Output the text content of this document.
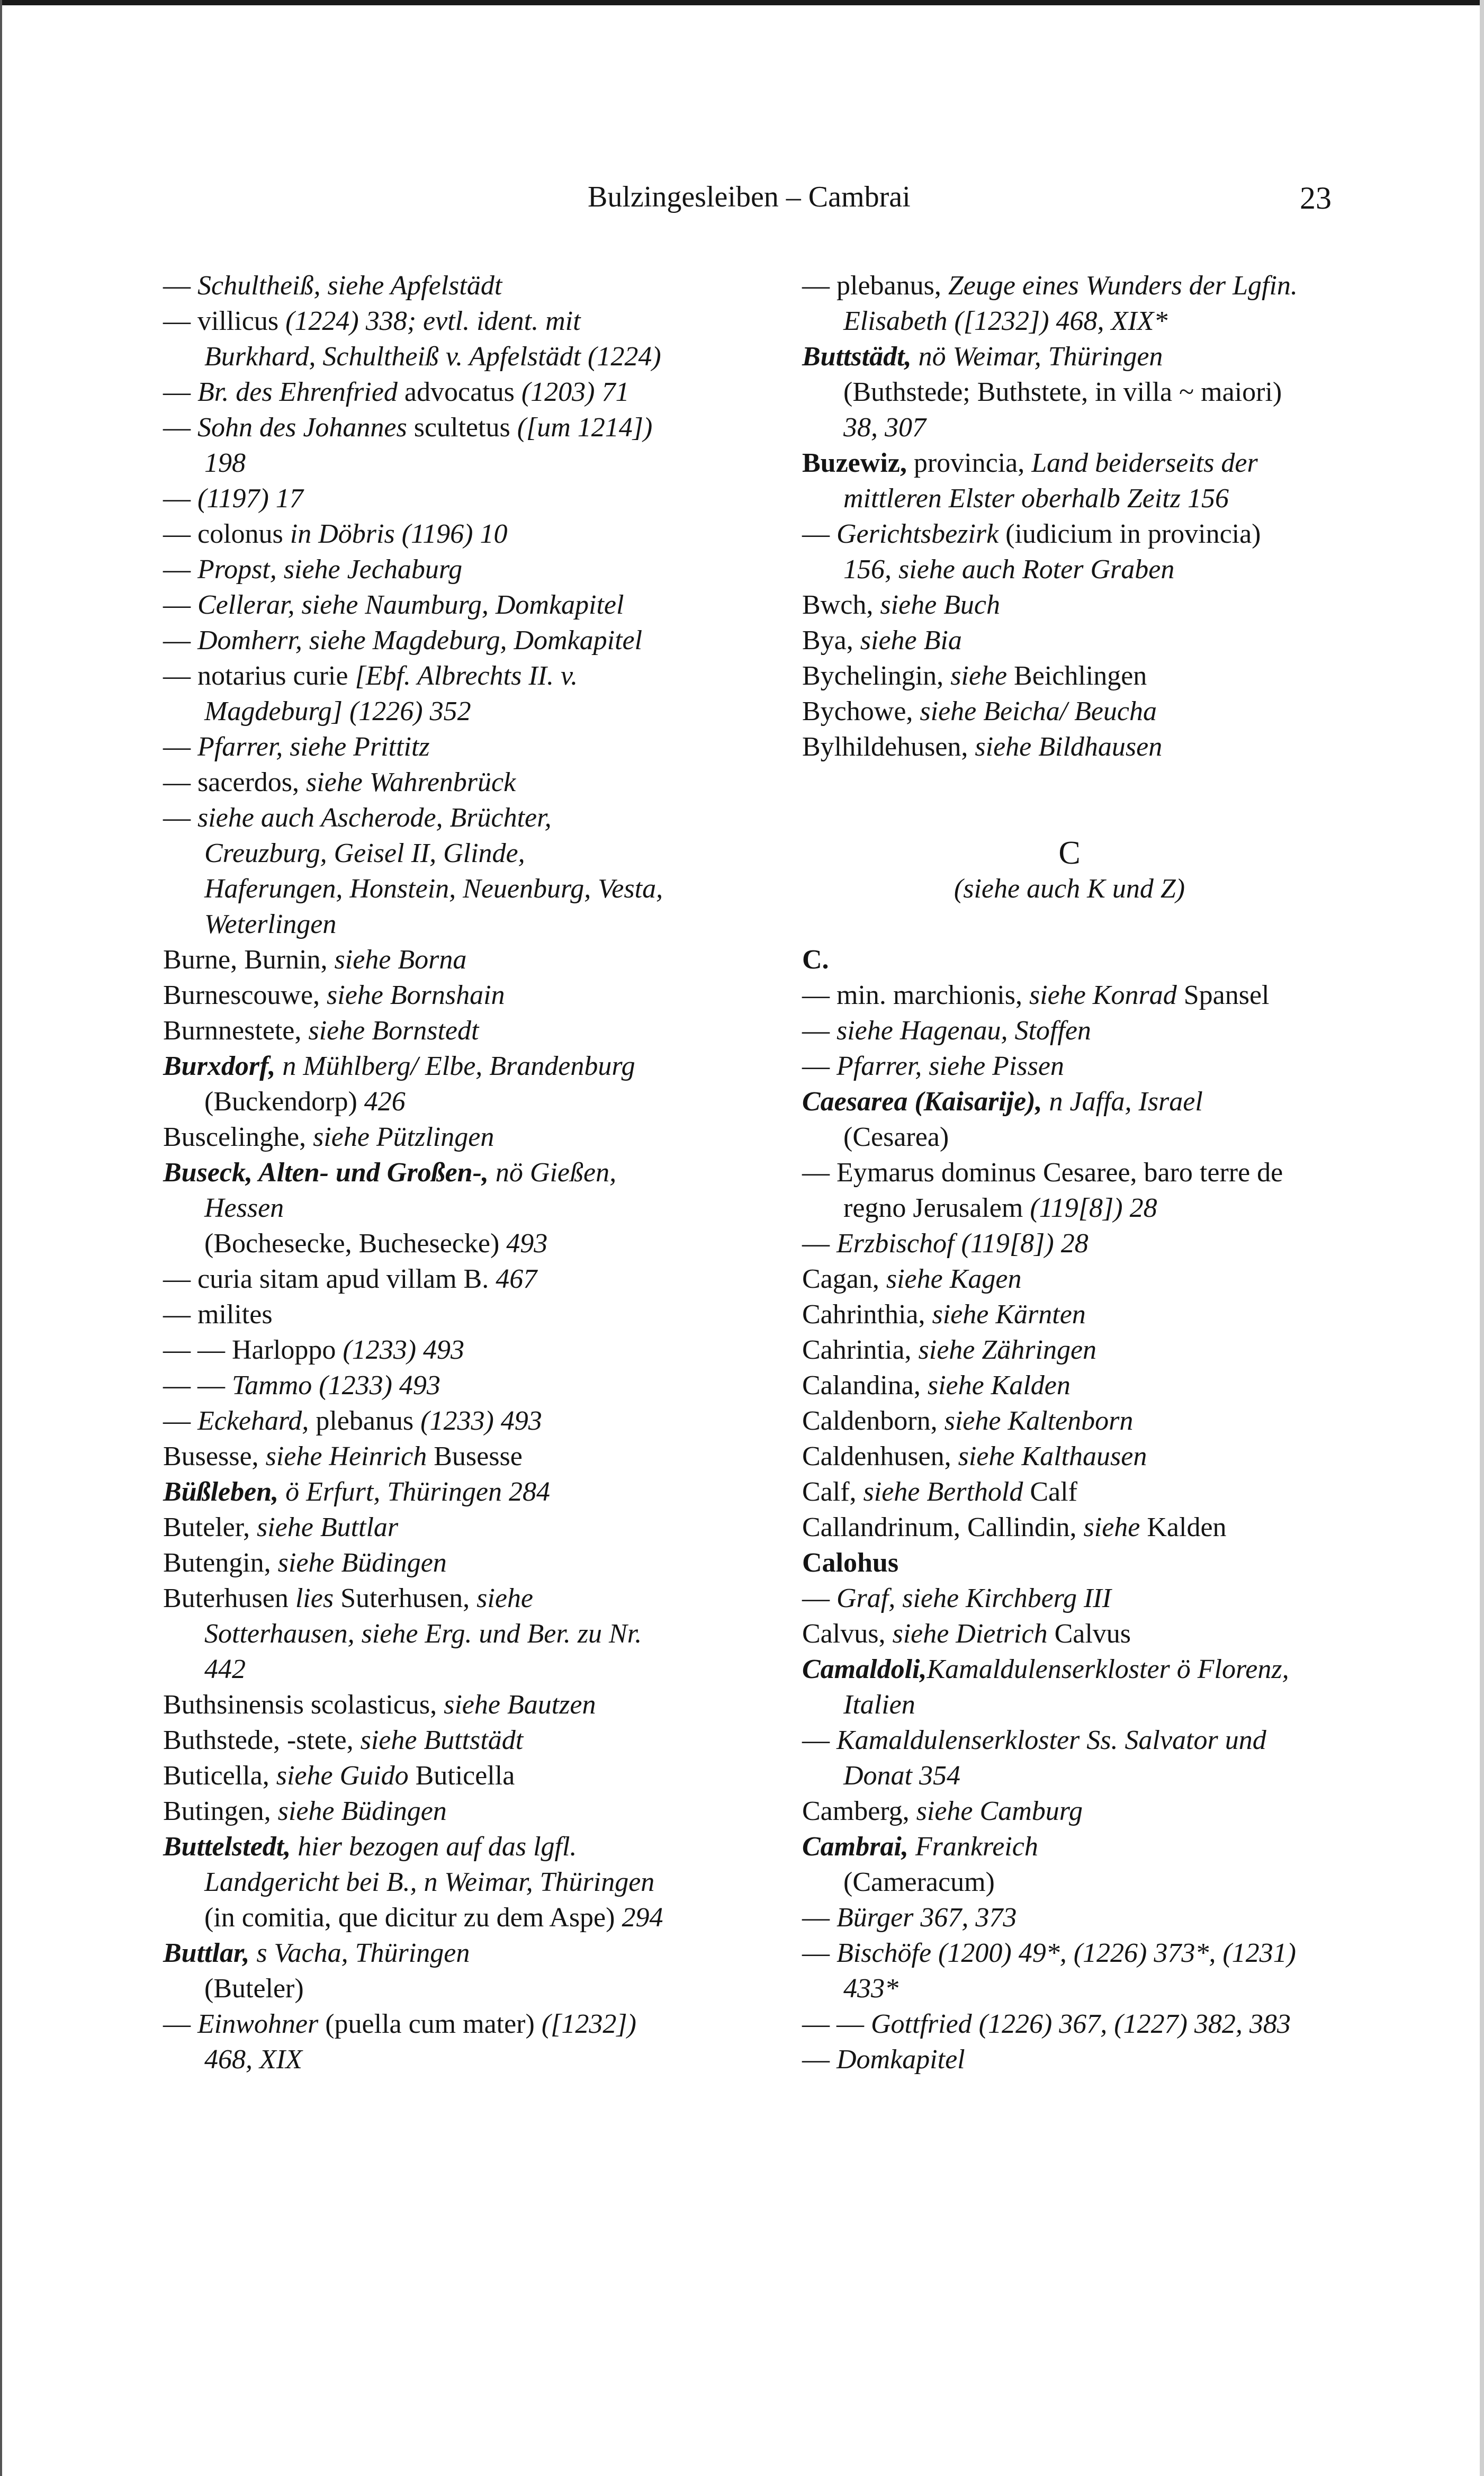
Bulzingesleiben – Cambrai	23
— Schultheiß, siehe Apfelstädt
— villicus (1224) 338; evtl. ident. mit
Burkhard, Schultheiß v. Apfelstädt (1224)
— Br. des Ehrenfried advocatus (1203) 71
— Sohn des Johannes scultetus ([um 1214])
198
— (1197) 17
— colonus in Döbris (1196) 10
— Propst, siehe Jechaburg
— Cellerar, siehe Naumburg, Domkapitel
— Domherr, siehe Magdeburg, Domkapitel
— notarius curie [Ebf. Albrechts II. v.
Magdeburg] (1226) 352
— Pfarrer, siehe Prittitz
— sacerdos, siehe Wahrenbrück
— siehe auch Ascherode, Brüchter,
Creuzburg, Geisel II, Glinde,
Haferungen, Honstein, Neuenburg, Vesta,
Weterlingen
Burne, Burnin, siehe Borna
Burnescouwe, siehe Bornshain
Burnnestete, siehe Bornstedt
Burxdorf, n Mühlberg/ Elbe, Brandenburg
(Buckendorp) 426
Buscelinghe, siehe Pützlingen
Buseck, Alten- und Großen-, nö Gießen,
Hessen
(Bochesecke, Buchesecke) 493
— curia sitam apud villam B. 467
— milites
— — Harloppo (1233) 493
— — Tammo (1233) 493
— Eckehard, plebanus (1233) 493
Busesse, siehe Heinrich Busesse
Büßleben, ö Erfurt, Thüringen 284
Buteler, siehe Buttlar
Butengin, siehe Büdingen
Buterhusen lies Suterhusen, siehe
Sotterhausen, siehe Erg. und Ber. zu Nr.
442
Buthsinensis scolasticus, siehe Bautzen
Buthstede, -stete, siehe Buttstädt
Buticella, siehe Guido Buticella
Butingen, siehe Büdingen
Buttelstedt, hier bezogen auf das lgfl.
Landgericht bei B., n Weimar, Thüringen
(in comitia, que dicitur zu dem Aspe) 294
Buttlar, s Vacha, Thüringen
(Buteler)
— Einwohner (puella cum mater) ([1232])
468, XIX
— plebanus, Zeuge eines Wunders der Lgfin.
Elisabeth ([1232]) 468, XIX*
Buttstädt, nö Weimar, Thüringen
(Buthstede; Buthstete, in villa ~ maiori)
38, 307
Buzewiz, provincia, Land beiderseits der
mittleren Elster oberhalb Zeitz 156
— Gerichtsbezirk (iudicium in provincia)
156, siehe auch Roter Graben
Bwch, siehe Buch
Bya, siehe Bia
Bychelingin, siehe Beichlingen
Bychowe, siehe Beicha/ Beucha
Bylhildehusen, siehe Bildhausen
C
(siehe auch K und Z)
C.
— min. marchionis, siehe Konrad Spansel
— siehe Hagenau, Stoffen
— Pfarrer, siehe Pissen
Caesarea (Kaisarije), n Jaffa, Israel
(Cesarea)
— Eymarus dominus Cesaree, baro terre de
regno Jerusalem (119[8]) 28
— Erzbischof (119[8]) 28
Cagan, siehe Kagen
Cahrinthia, siehe Kärnten
Cahrintia, siehe Zähringen
Calandina, siehe Kalden
Caldenborn, siehe Kaltenborn
Caldenhusen, siehe Kalthausen
Calf, siehe Berthold Calf
Callandrinum, Callindin, siehe Kalden
Calohus
— Graf, siehe Kirchberg III
Calvus, siehe Dietrich Calvus
Camaldoli,Kamaldulenserkloster ö Florenz,
Italien
— Kamaldulenserkloster Ss. Salvator und
Donat 354
Camberg, siehe Camburg
Cambrai, Frankreich
(Cameracum)
— Bürger 367, 373
— Bischöfe (1200) 49*, (1226) 373*, (1231)
433*
— — Gottfried (1226) 367, (1227) 382, 383
— Domkapitel
